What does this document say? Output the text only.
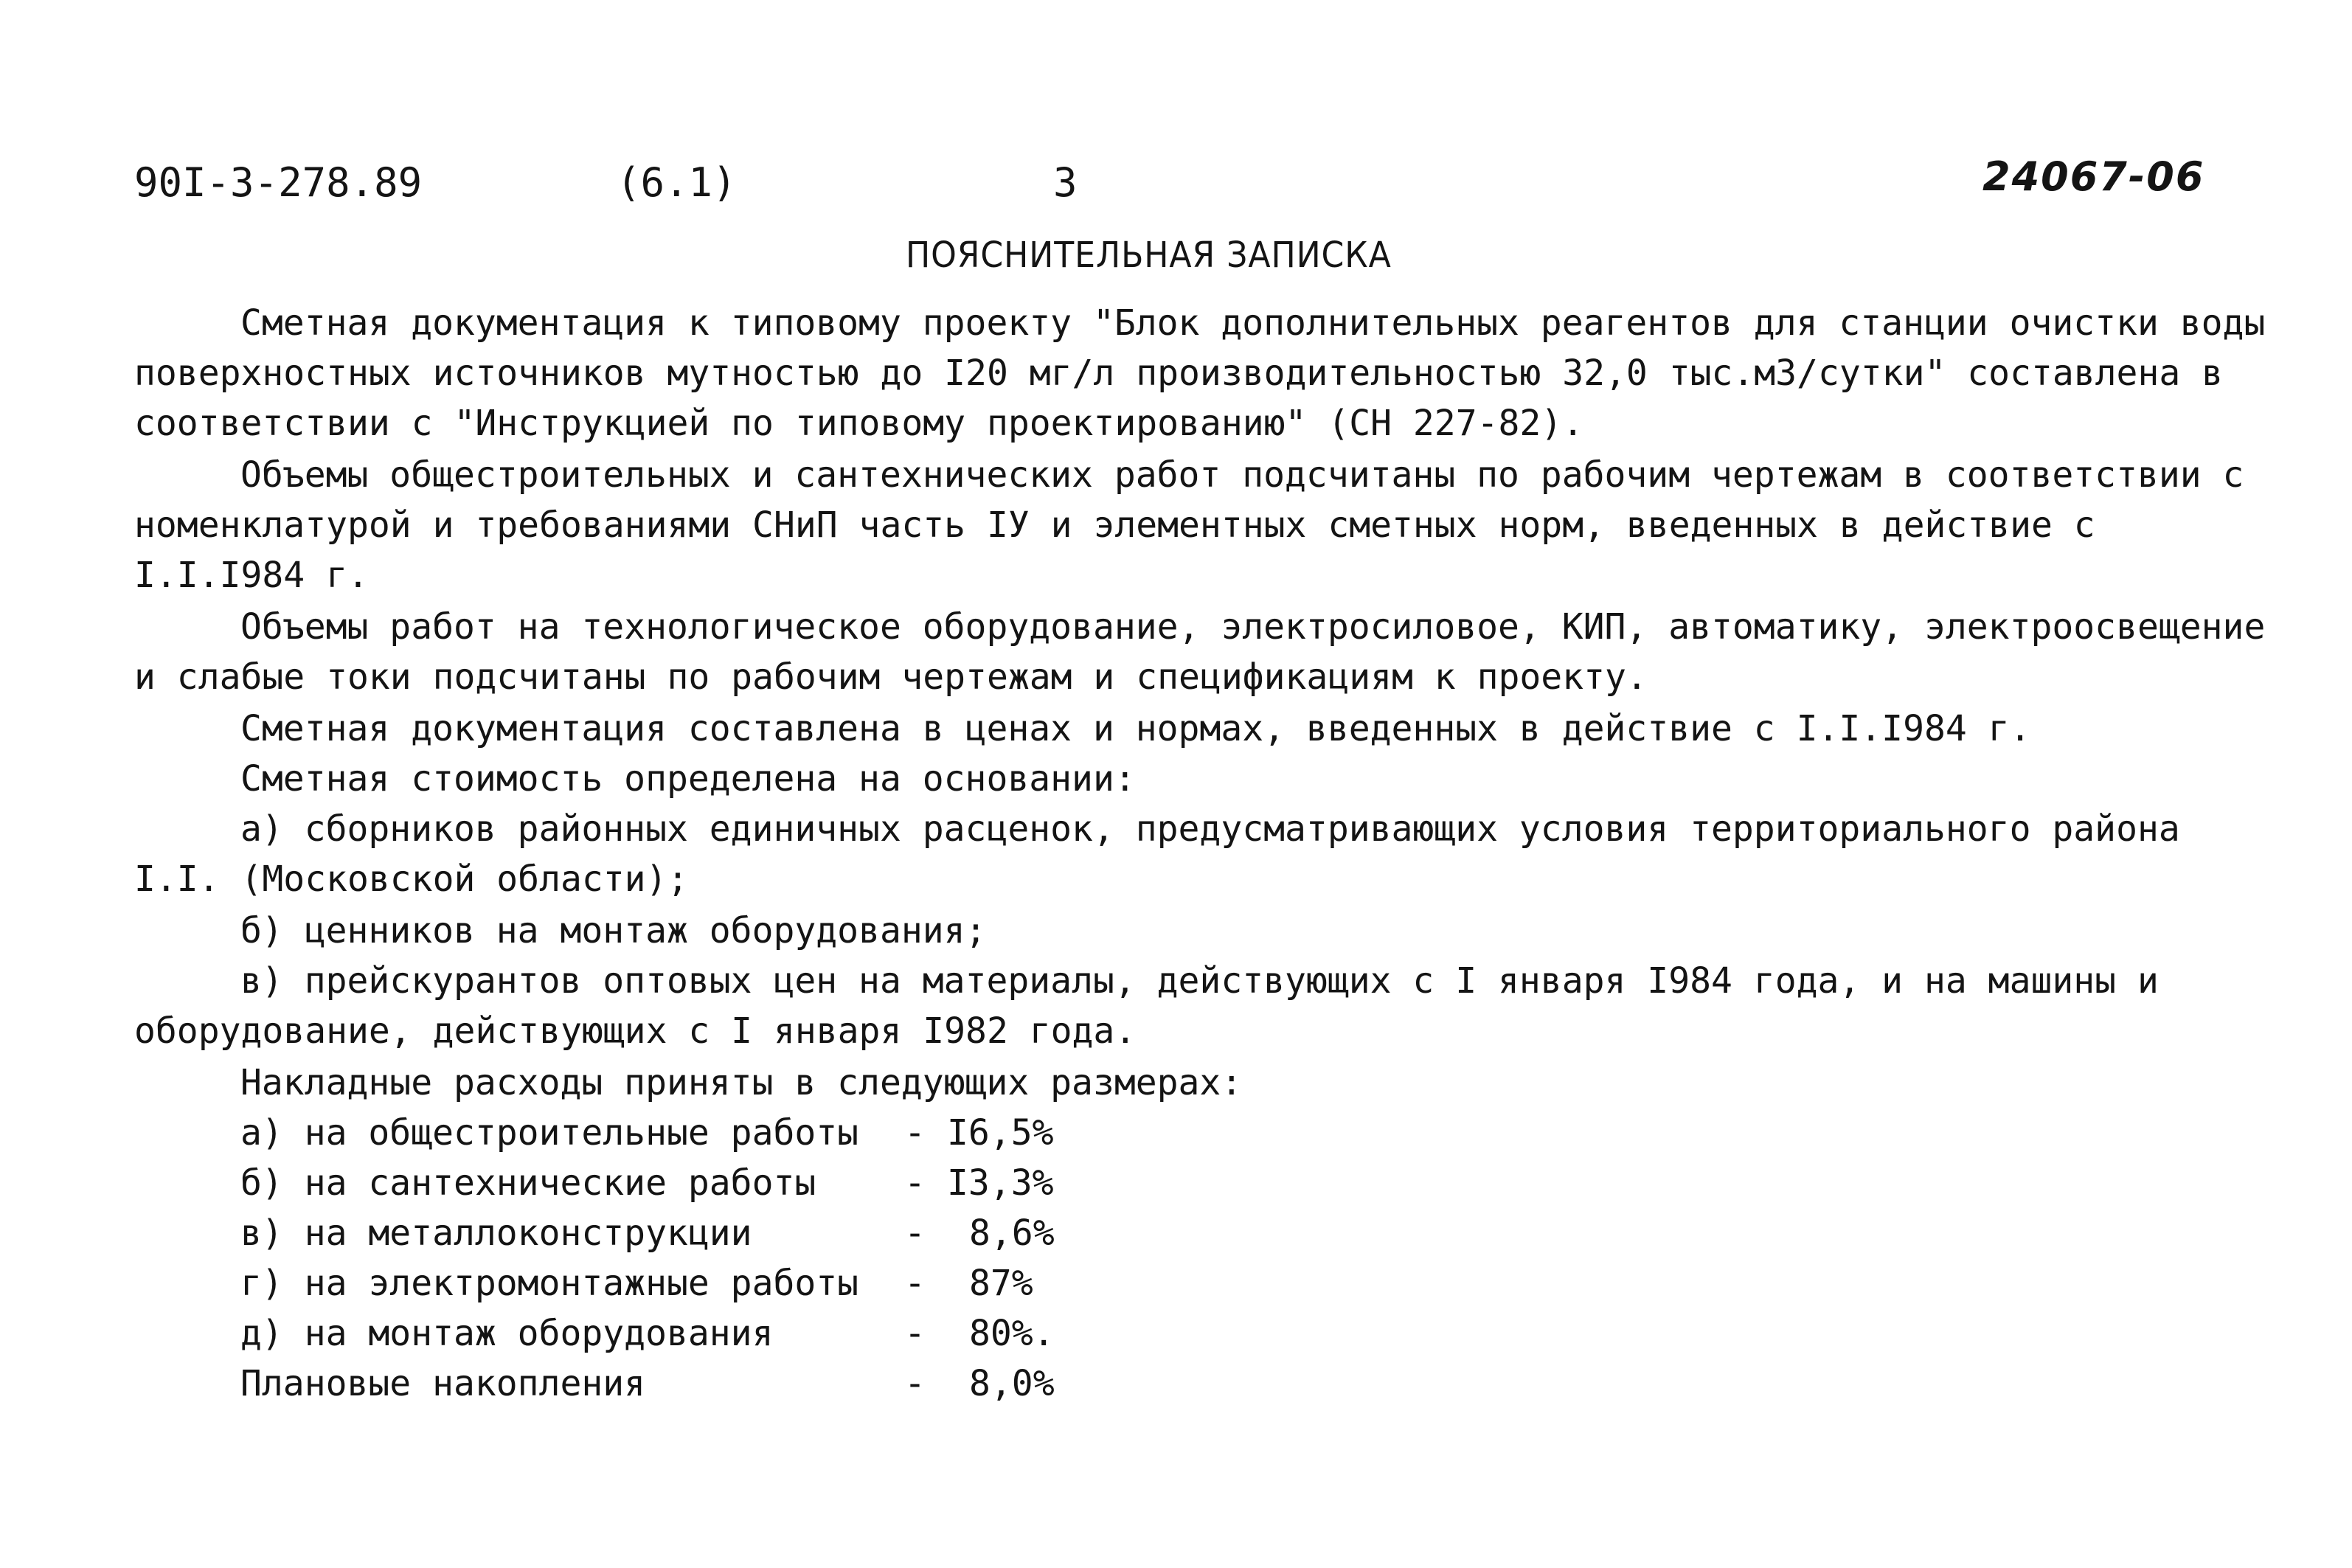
90I-3-278.89	(6.1)	3	24067-06
ПОЯСНИТЕЛЬНАЯ ЗАПИСКА
Сметная документация к типовому проекту "Блок дополнительных реагентов для станции очистки воды
поверхностных источников мутностью до I20 мг/л производительностью 32,0 тыс.м3/сутки" составлена в
соответствии с "Инструкцией по типовому проектированию" (СН 227-82).
Объемы общестроительных и сантехнических работ подсчитаны по рабочим чертежам в соответствии с
номенклатурой и требованиями СНиП часть IУ и элементных сметных норм, введенных в действие с
I.I.I984 г.
Объемы работ на технологическое оборудование, электросиловое, КИП, автоматику, электроосвещение
и слабые токи подсчитаны по рабочим чертежам и спецификациям к проекту.
Сметная документация составлена в ценах и нормах, введенных в действие с I.I.I984 г.
Сметная стоимость определена на основании:
а) сборников районных единичных расценок, предусматривающих условия территориального района
I.I. (Московской области);
б) ценников на монтаж оборудования;
в) прейскурантов оптовых цен на материалы, действующих с I января I984 года, и на машины и
оборудование, действующих с I января I982 года.
Накладные расходы приняты в следующих размерах:
а) на общестроительные работы - I6,5%
б) на сантехнические работы - I3,3%
в) на металлоконструкции	- 8,6%
г) на электромонтажные работы - 87%
д) на монтаж оборудования	- 80%.
Плановые накопления	- 8,0%
